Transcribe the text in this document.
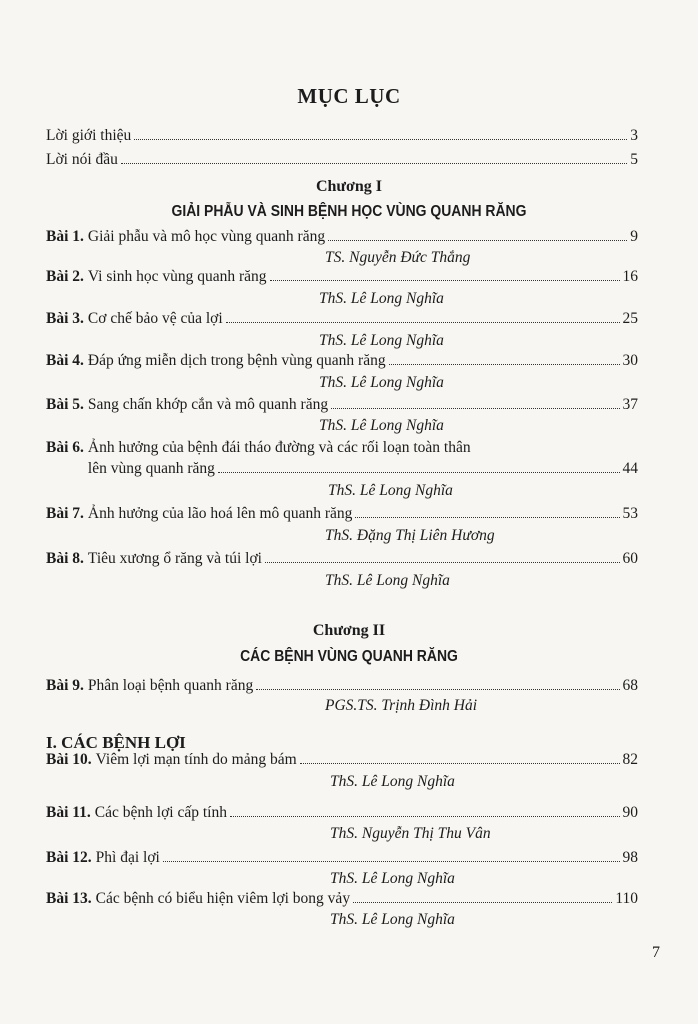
MỤC LỤC
Lời giới thiệu	3
Lời nói đầu	5
Chương I
GIẢI PHẪU VÀ SINH BỆNH HỌC VÙNG QUANH RĂNG
Bài 1. Giải phẫu và mô học vùng quanh răng	9
TS. Nguyễn Đức Thắng
Bài 2. Vi sinh học vùng quanh răng	16
ThS. Lê Long Nghĩa
Bài 3. Cơ chế bảo vệ của lợi	25
ThS. Lê Long Nghĩa
Bài 4. Đáp ứng miễn dịch trong bệnh vùng quanh răng	30
ThS. Lê Long Nghĩa
Bài 5. Sang chấn khớp cắn và mô quanh răng	37
ThS. Lê Long Nghĩa
Bài 6. Ảnh hưởng của bệnh đái tháo đường và các rối loạn toàn thân
lên vùng quanh răng	44
ThS. Lê Long Nghĩa
Bài 7. Ảnh hưởng của lão hoá lên mô quanh răng	53
ThS. Đặng Thị Liên Hương
Bài 8. Tiêu xương ổ răng và túi lợi	60
ThS. Lê Long Nghĩa
Chương II
CÁC BỆNH VÙNG QUANH RĂNG
Bài 9. Phân loại bệnh quanh răng	68
PGS.TS. Trịnh Đình Hải
I. CÁC BỆNH LỢI
Bài 10. Viêm lợi mạn tính do mảng bám	82
ThS. Lê Long Nghĩa
Bài 11. Các bệnh lợi cấp tính	90
ThS. Nguyễn Thị Thu Vân
Bài 12. Phì đại lợi	98
ThS. Lê Long Nghĩa
Bài 13. Các bệnh có biểu hiện viêm lợi bong vảy	110
ThS. Lê Long Nghĩa
7
